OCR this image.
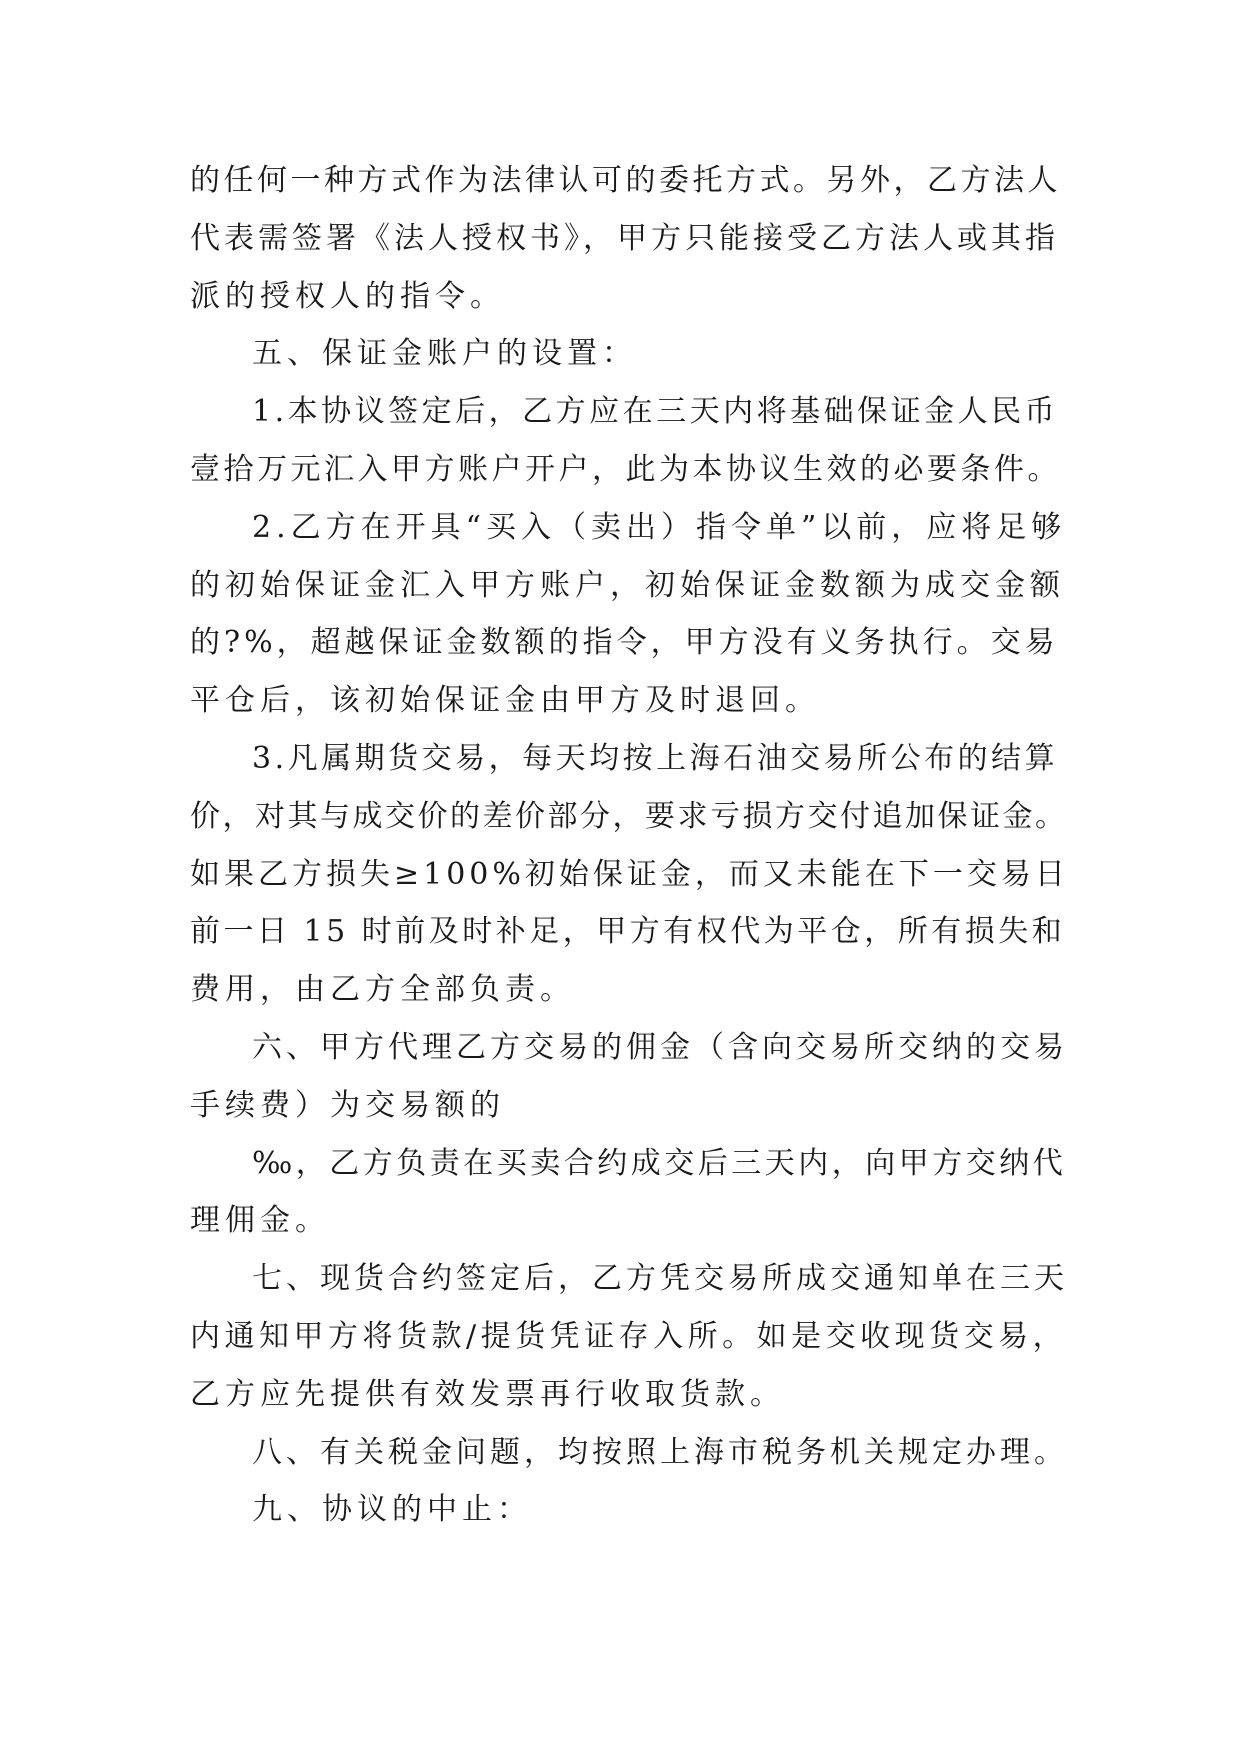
的任何一种方式作为法律认可的委托方式。另外，乙方法人
代表需签署《法人授权书》，甲方只能接受乙方法人或其指
派的授权人的指令。
五、保证金账户的设置：
1.本协议签定后，乙方应在三天内将基础保证金人民币
壹拾万元汇入甲方账户开户，此为本协议生效的必要条件。
2.乙方在开具“买入（卖出）指令单”以前，应将足够
的初始保证金汇入甲方账户，初始保证金数额为成交金额
的?%，超越保证金数额的指令，甲方没有义务执行。交易
平仓后，该初始保证金由甲方及时退回。
3.凡属期货交易，每天均按上海石油交易所公布的结算
价，对其与成交价的差价部分，要求亏损方交付追加保证金。
如果乙方损失≥100%初始保证金，而又未能在下一交易日
前一日 15 时前及时补足，甲方有权代为平仓，所有损失和
费用，由乙方全部负责。
六、甲方代理乙方交易的佣金（含向交易所交纳的交易
手续费）为交易额的
‰，乙方负责在买卖合约成交后三天内，向甲方交纳代
理佣金。
七、现货合约签定后，乙方凭交易所成交通知单在三天
内通知甲方将货款/提货凭证存入所。如是交收现货交易，
乙方应先提供有效发票再行收取货款。
八、有关税金问题，均按照上海市税务机关规定办理。
九、协议的中止：
